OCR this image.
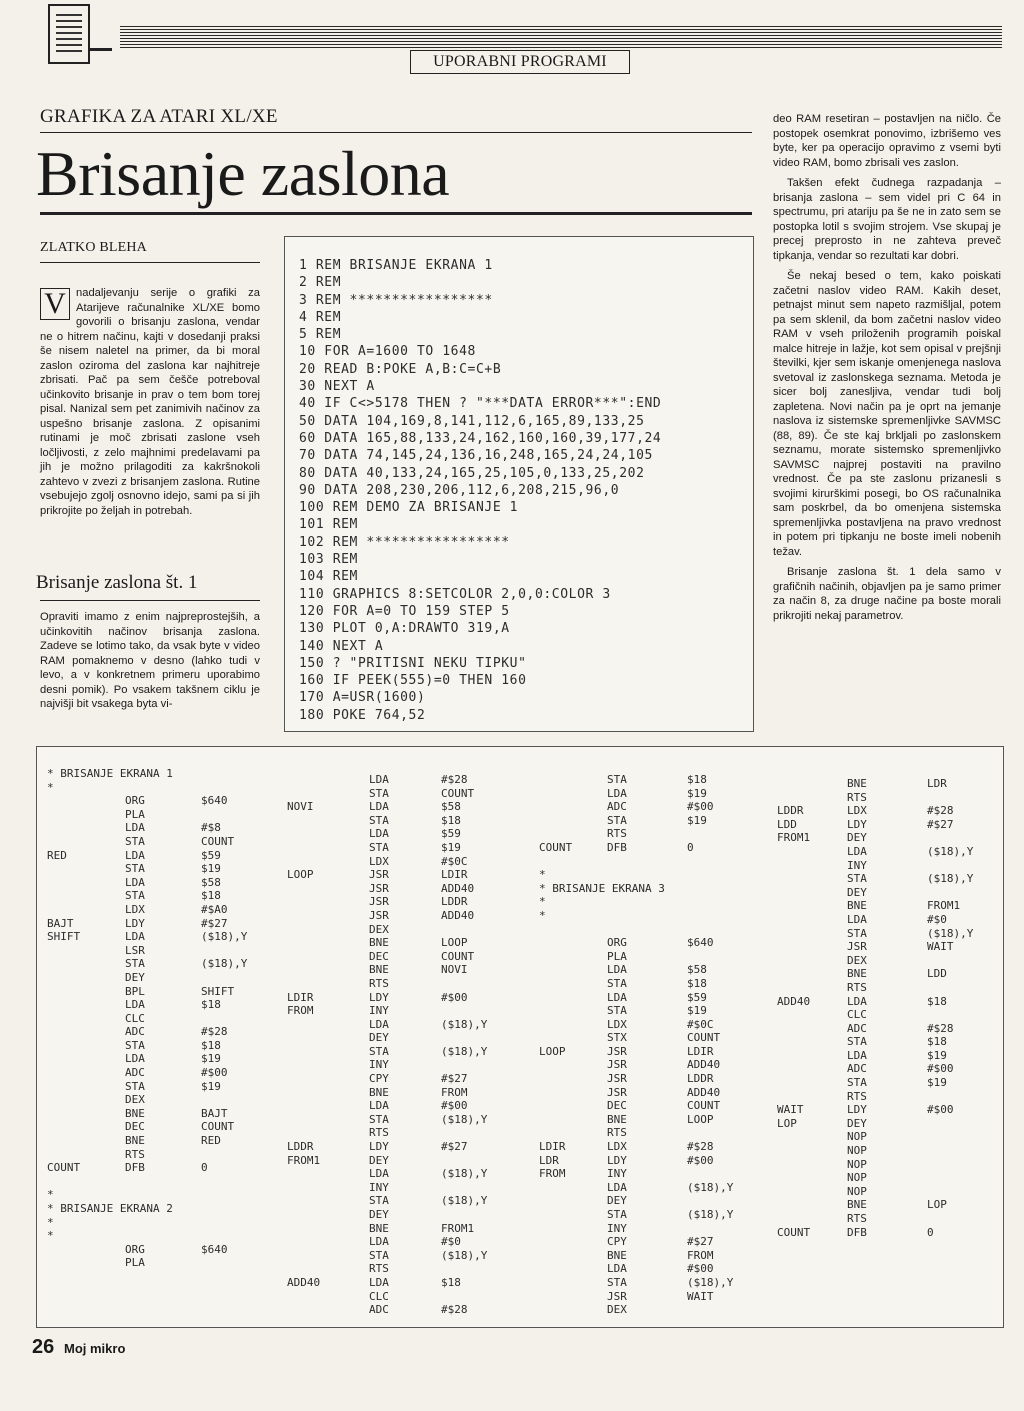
UPORABNI PROGRAMI
GRAFIKA ZA ATARI XL/XE
Brisanje zaslona
ZLATKO BLEHA
V nadaljevanju serije o grafiki za Atarijeve računalnike XL/XE bomo govorili o brisanju zaslona, vendar ne o hitrem načinu, kajti v dosedanji praksi še nisem naletel na primer, da bi moral zaslon oziroma del zaslona kar najhitreje zbrisati. Pač pa sem češče potreboval učinkovito brisanje in prav o tem bom torej pisal. Nanizal sem pet zanimivih načinov za uspešno brisanje zaslona. Z opisanimi rutinami je moč zbrisati zaslone vseh ločljivosti, z zelo majhnimi predelavami pa jih je možno prilagoditi za kakršnokoli zahtevo v zvezi z brisanjem zaslona. Rutine vsebujejo zgolj osnovno idejo, sami pa si jih prikrojite po željah in potrebah.
Brisanje zaslona št. 1
Opraviti imamo z enim najpreprostejših, a učinkovitih načinov brisanja zaslona. Zadeve se lotimo tako, da vsak byte v video RAM pomaknemo v desno (lahko tudi v levo, a v konkretnem primeru uporabimo desni pomik). Po vsakem takšnem ciklu je najvišji bit vsakega byta vi-

deo RAM resetiran – postavljen na ničlo. Če postopek osemkrat ponovimo, izbrišemo ves byte, ker pa operacijo opravimo z vsemi byti video RAM, bomo zbrisali ves zaslon.

Takšen efekt čudnega razpadanja – brisanja zaslona – sem videl pri C 64 in spectrumu, pri atariju pa še ne in zato sem se postopka lotil s svojim strojem. Vse skupaj je precej preprosto in ne zahteva preveč tipkanja, vendar so rezultati kar dobri.

Še nekaj besed o tem, kako poiskati začetni naslov video RAM. Kakih deset, petnajst minut sem napeto razmišljal, potem pa sem sklenil, da bom začetni naslov video RAM v vseh priloženih programih poiskal malce hitreje in lažje, kot sem opisal v prejšnji številki, kjer sem iskanje omenjenega naslova svetoval iz zaslonskega seznama. Metoda je sicer bolj zanesljiva, vendar tudi bolj zapletena. Novi način pa je oprt na jemanje naslova iz sistemske spremenljivke SAVMSC (88, 89). Če ste kaj brkljali po zaslonskem seznamu, morate sistemsko spremenljivko SAVMSC najprej postaviti na pravilno vrednost. Če pa ste zaslonu prizanesli s svojimi kirurškimi posegi, bo OS računalnika sam poskrbel, da bo omenjena sistemska spremenljivka postavljena na pravo vrednost in potem pri tipkanju ne boste imeli nobenih težav.

Brisanje zaslona št. 1 dela samo v grafičnih načinih, objavljen pa je samo primer za način 8, za druge načine pa boste morali prikrojiti nekaj parametrov.

1 REM BRISANJE EKRANA 1
2 REM
3 REM *****************
4 REM
5 REM
10 FOR A=1600 TO 1648
20 READ B:POKE A,B:C=C+B
30 NEXT A
40 IF C<>5178 THEN ? "***DATA ERROR***":END
50 DATA 104,169,8,141,112,6,165,89,133,25
60 DATA 165,88,133,24,162,160,160,39,177,24
70 DATA 74,145,24,136,16,248,165,24,24,105
80 DATA 40,133,24,165,25,105,0,133,25,202
90 DATA 208,230,206,112,6,208,215,96,0
100 REM DEMO ZA BRISANJE 1
101 REM
102 REM *****************
103 REM
104 REM
110 GRAPHICS 8:SETCOLOR 2,0,0:COLOR 3
120 FOR A=0 TO 159 STEP 5
130 PLOT 0,A:DRAWTO 319,A
140 NEXT A
150 ? "PRITISNI NEKU TIPKU"
160 IF PEEK(555)=0 THEN 160
170 A=USR(1600)
180 POKE 764,52
* BRISANJE EKRANA 1
*
ORG	$640
PLA
LDA	#$8
STA	COUNT
RED	LDA	$59
STA	$19
LDA	$58
STA	$18
LDX	#$A0
BAJT	LDY	#$27
SHIFT	LDA	($18),Y
LSR
STA	($18),Y
DEY
BPL	SHIFT
LDA	$18
CLC
ADC	#$28
STA	$18
LDA	$19
ADC	#$00
STA	$19
DEX
BNE	BAJT
DEC	COUNT
BNE	RED
RTS
COUNT	DFB	0
*
* BRISANJE EKRANA 2
*
*
ORG	$640
PLA
LDA	#$28
STA	COUNT
NOVI	LDA	$58
STA	$18
LDA	$59
STA	$19
LDX	#$0C
LOOP	JSR	LDIR
JSR	ADD40
JSR	LDDR
JSR	ADD40
DEX
BNE	LOOP
DEC	COUNT
BNE	NOVI
RTS
LDIR	LDY	#$00
FROM	INY
LDA	($18),Y
DEY
STA	($18),Y
INY
CPY	#$27
BNE	FROM
LDA	#$00
STA	($18),Y
RTS
LDDR	LDY	#$27
FROM1	DEY
LDA	($18),Y
INY
STA	($18),Y
DEY
BNE	FROM1
LDA	#$0
STA	($18),Y
RTS
ADD40	LDA	$18
CLC
ADC	#$28
STA	$18
LDA	$19
ADC	#$00
STA	$19
RTS
COUNT	DFB	0
*
* BRISANJE EKRANA 3
*
*
ORG	$640
PLA
LDA	$58
STA	$18
LDA	$59
STA	$19
LDX	#$0C
STX	COUNT
LOOP	JSR	LDIR
JSR	ADD40
JSR	LDDR
JSR	ADD40
DEC	COUNT
BNE	LOOP
RTS
LDIR	LDX	#$28
LDR	LDY	#$00
FROM	INY
LDA	($18),Y
DEY
STA	($18),Y
INY
CPY	#$27
BNE	FROM
LDA	#$00
STA	($18),Y
JSR	WAIT
DEX
BNE	LDR
RTS
LDDR	LDX	#$28
LDD	LDY	#$27
FROM1	DEY
LDA	($18),Y
INY
STA	($18),Y
DEY
BNE	FROM1
LDA	#$0
STA	($18),Y
JSR	WAIT
DEX
BNE	LDD
RTS
ADD40	LDA	$18
CLC
ADC	#$28
STA	$18
LDA	$19
ADC	#$00
STA	$19
RTS
WAIT	LDY	#$00
LOP	DEY
NOP
NOP
NOP
NOP
NOP
BNE	LOP
RTS
COUNT	DFB	0
26 Moj mikro
